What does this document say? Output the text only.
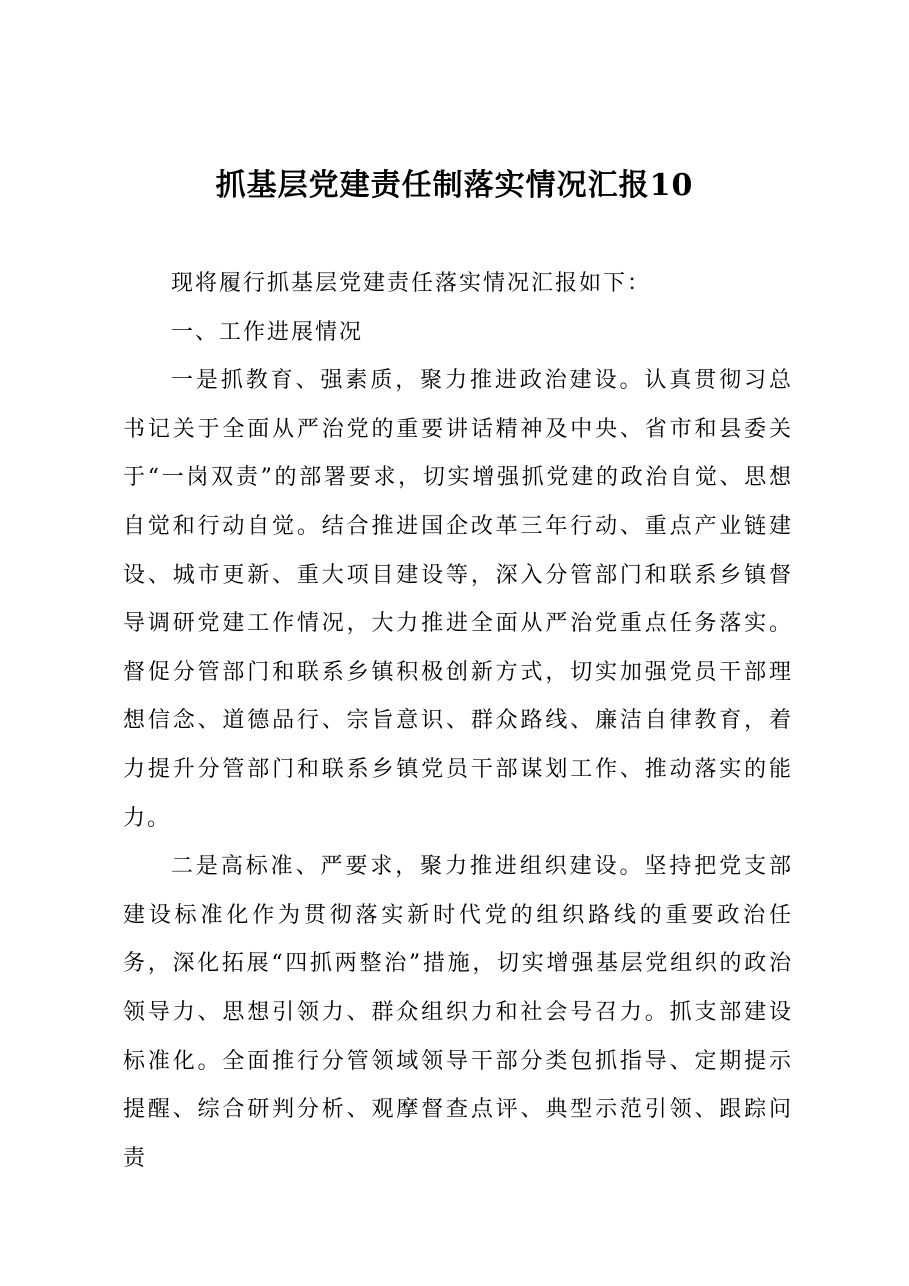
抓基层党建责任制落实情况汇报10

现将履行抓基层党建责任落实情况汇报如下：

一、工作进展情况

一是抓教育、强素质，聚力推进政治建设。认真贯彻习总书记关于全面从严治党的重要讲话精神及中央、省市和县委关于“一岗双责”的部署要求，切实增强抓党建的政治自觉、思想自觉和行动自觉。结合推进国企改革三年行动、重点产业链建设、城市更新、重大项目建设等，深入分管部门和联系乡镇督导调研党建工作情况，大力推进全面从严治党重点任务落实。督促分管部门和联系乡镇积极创新方式，切实加强党员干部理想信念、道德品行、宗旨意识、群众路线、廉洁自律教育，着力提升分管部门和联系乡镇党员干部谋划工作、推动落实的能力。

二是高标准、严要求，聚力推进组织建设。坚持把党支部建设标准化作为贯彻落实新时代党的组织路线的重要政治任务，深化拓展“四抓两整治”措施，切实增强基层党组织的政治领导力、思想引领力、群众组织力和社会号召力。抓支部建设标准化。全面推行分管领域领导干部分类包抓指导、定期提示提醒、综合研判分析、观摩督查点评、典型示范引领、跟踪问责
